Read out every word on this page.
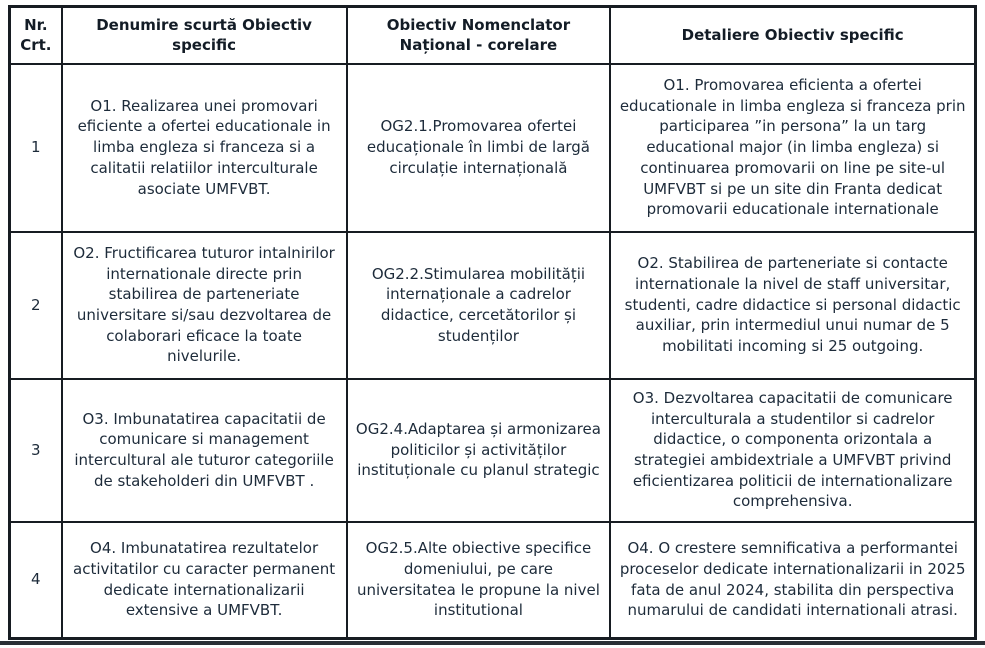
Nr. Crt.	Denumire scurtă Obiectiv specific	Obiectiv Nomenclator Național - corelare	Detaliere Obiectiv specific
1	O1. Realizarea unei promovari eficiente a ofertei educationale in limba engleza si franceza si a calitatii relatiilor interculturale asociate UMFVBT.	OG2.1.Promovarea ofertei educaționale în limbi de largă circulație internațională	O1. Promovarea eficienta a ofertei educationale in limba engleza si franceza prin participarea ”in persona” la un targ educational major (in limba engleza) si continuarea promovarii on line pe site-ul UMFVBT si pe un site din Franta dedicat promovarii educationale internationale
2	O2. Fructificarea tuturor intalnirilor internationale directe prin stabilirea de parteneriate universitare si/sau dezvoltarea de colaborari eficace la toate nivelurile.	OG2.2.Stimularea mobilității internaționale a cadrelor didactice, cercetătorilor și studenților	O2. Stabilirea de parteneriate si contacte internationale la nivel de staff universitar, studenti, cadre didactice si personal didactic auxiliar, prin intermediul unui numar de 5 mobilitati incoming si 25 outgoing.
3	O3. Imbunatatirea capacitatii de comunicare si management intercultural ale tuturor categoriile de stakeholderi din UMFVBT .	OG2.4.Adaptarea și armonizarea politicilor și activităților instituționale cu planul strategic	O3. Dezvoltarea capacitatii de comunicare interculturala a studentilor si cadrelor didactice, o componenta orizontala a strategiei ambidextriale a UMFVBT privind eficientizarea politicii de internationalizare comprehensiva.
4	O4. Imbunatatirea rezultatelor activitatilor cu caracter permanent dedicate internationalizarii extensive a UMFVBT.	OG2.5.Alte obiective specifice domeniului, pe care universitatea le propune la nivel institutional	O4. O crestere semnificativa a performantei proceselor dedicate internationalizarii in 2025 fata de anul 2024, stabilita din perspectiva numarului de candidati internationali atrasi.
